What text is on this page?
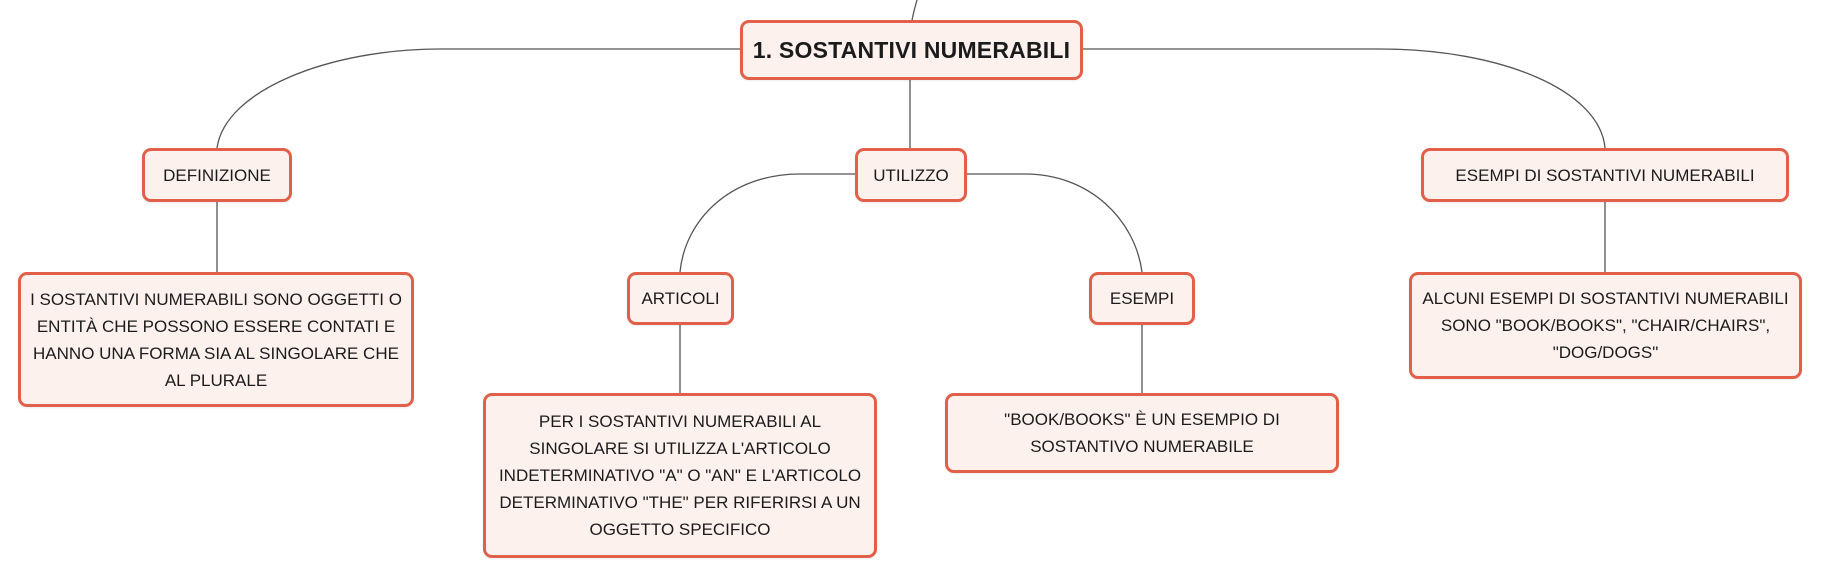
1. SOSTANTIVI NUMERABILI
DEFINIZIONE
I SOSTANTIVI NUMERABILI SONO OGGETTI O ENTITÀ CHE POSSONO ESSERE CONTATI E HANNO UNA FORMA SIA AL SINGOLARE CHE AL PLURALE
UTILIZZO
ARTICOLI
PER I SOSTANTIVI NUMERABILI AL SINGOLARE SI UTILIZZA L'ARTICOLO INDETERMINATIVO "A" O "AN" E L'ARTICOLO DETERMINATIVO "THE" PER RIFERIRSI A UN OGGETTO SPECIFICO
ESEMPI
"BOOK/BOOKS" È UN ESEMPIO DI SOSTANTIVO NUMERABILE
ESEMPI DI SOSTANTIVI NUMERABILI
ALCUNI ESEMPI DI SOSTANTIVI NUMERABILI SONO "BOOK/BOOKS", "CHAIR/CHAIRS", "DOG/DOGS"
